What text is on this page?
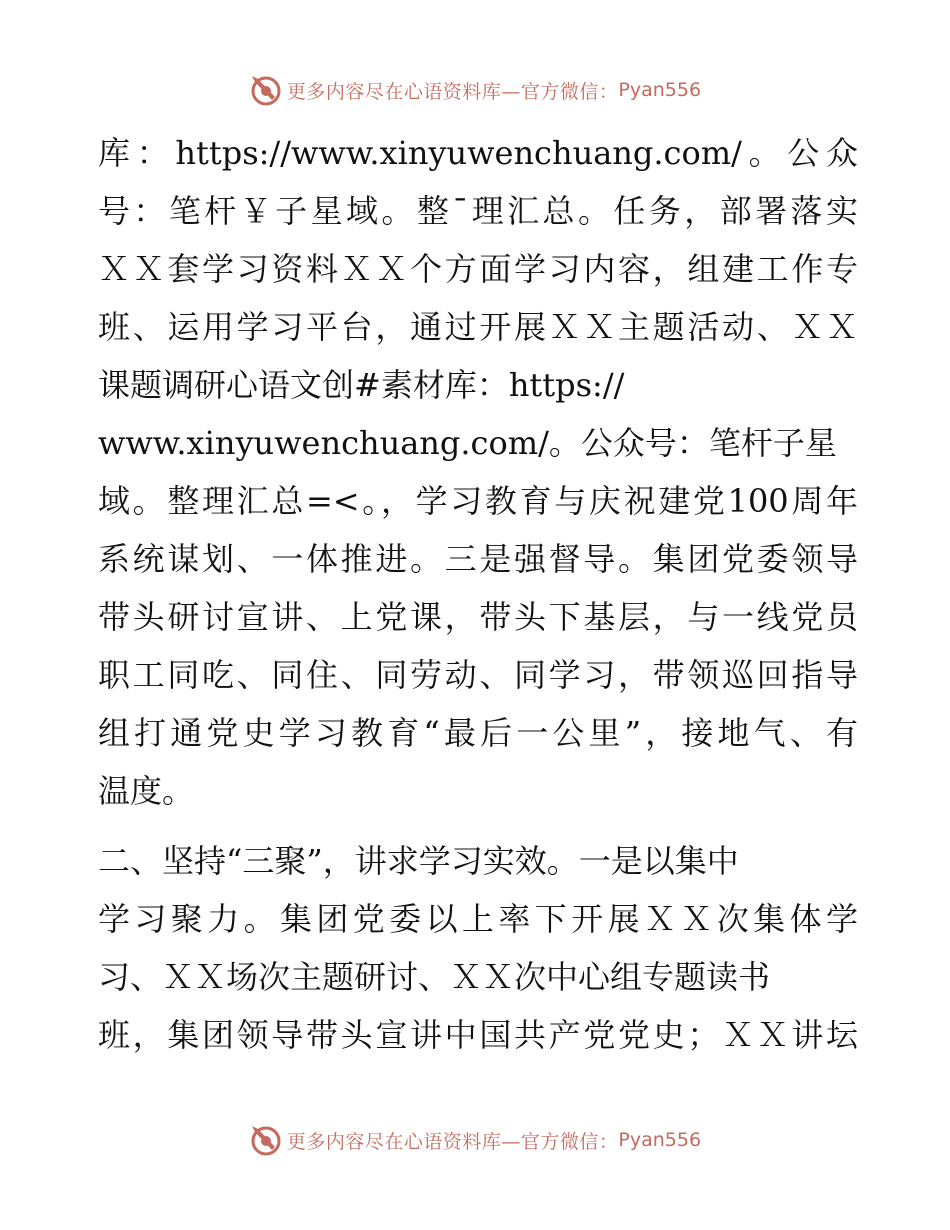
更多内容尽在心语资料库—官方微信： Pyan556
库：https://www.xinyuwenchuang.com/。公众
号：笔杆￥子星域。整¯理汇总。任务，部署落实
ＸＸ套学习资料ＸＸ个方面学习内容，组建工作专
班、运用学习平台，通过开展ＸＸ主题活动、ＸＸ
课题调研心语文创#素材库：https://
www.xinyuwenchuang.com/。公众号：笔杆子星
域。整理汇总=<。，学习教育与庆祝建党100周年
系统谋划、一体推进。三是强督导。集团党委领导
带头研讨宣讲、上党课，带头下基层，与一线党员
职工同吃、同住、同劳动、同学习，带领巡回指导
组打通党史学习教育“最后一公里”，接地气、有
温度。
二、坚持“三聚”，讲求学习实效。一是以集中
学习聚力。集团党委以上率下开展ＸＸ次集体学
习、ＸＸ场次主题研讨、ＸＸ次中心组专题读书
班，集团领导带头宣讲中国共产党党史；ＸＸ讲坛
更多内容尽在心语资料库—官方微信： Pyan556
